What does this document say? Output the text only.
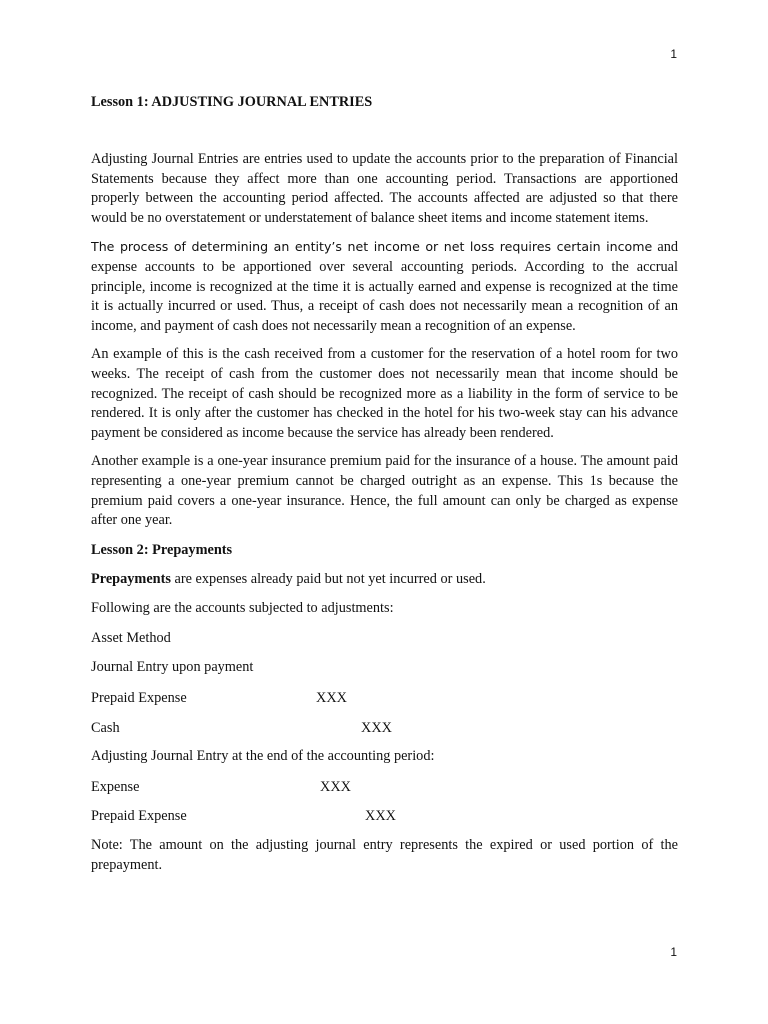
1
Lesson 1: ADJUSTING JOURNAL ENTRIES

Adjusting Journal Entries are entries used to update the accounts prior to the preparation of Financial Statements because they affect more than one accounting period. Transactions are apportioned properly between the accounting period affected. The accounts affected are adjusted so that there would be no overstatement or understatement of balance sheet items and income statement items.

The process of determining an entity’s net income or net loss requires certain income and expense accounts to be apportioned over several accounting periods. According to the accrual principle, income is recognized at the time it is actually earned and expense is recognized at the time it is actually incurred or used. Thus, a receipt of cash does not necessarily mean a recognition of an income, and payment of cash does not necessarily mean a recognition of an expense.

An example of this is the cash received from a customer for the reservation of a hotel room for two weeks. The receipt of cash from the customer does not necessarily mean that income should be recognized. The receipt of cash should be recognized more as a liability in the form of service to be rendered. It is only after the customer has checked in the hotel for his two-week stay can his advance payment be considered as income because the service has already been rendered.

Another example is a one-year insurance premium paid for the insurance of a house. The amount paid representing a one-year premium cannot be charged outright as an expense. This 1s because the premium paid covers a one-year insurance. Hence, the full amount can only be charged as expense after one year.

Lesson 2: Prepayments

Prepayments are expenses already paid but not yet incurred or used.

Following are the accounts subjected to adjustments:

Asset Method

Journal Entry upon payment

Prepaid Expense	XXX
Cash	XXX

Adjusting Journal Entry at the end of the accounting period:

Expense	XXX
Prepaid Expense	XXX

Note: The amount on the adjusting journal entry represents the expired or used portion of the prepayment.

1
